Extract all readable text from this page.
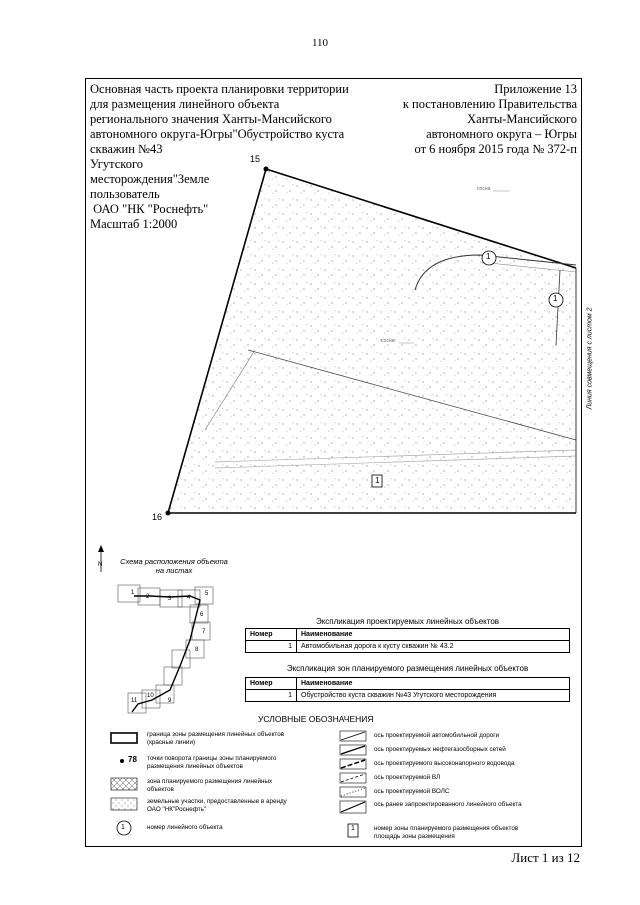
110
Основная часть проекта планировки территории
для размещения линейного объекта
регионального значения Ханты-Мансийского
автономного округа-Югры"Обустройство куста
скважин №43
Угутского
месторождения"Земле
пользователь
ОАО "НК "Роснефть"
Масштаб 1:2000
Приложение 13
к постановлению Правительства
Ханты-Мансийского
автономного округа – Югры
от 6 ноября 2015 года № 372-п
15
16
1
1
1
сосна
сосна	Линия совмещения с листом 2
N	Схема расположения объекта
на листах
1
2	3	4
5
6
7
8
9
10
11
Экспликация проектируемых линейных объектов
Номер	Наименование
1	Автомобильная дорога к кусту скважин № 43.2
Экспликация зон планируемого размещения линейных объектов
Номер	Наименование
1	Обустройство куста скважин №43 Угутского месторождения
УСЛОВНЫЕ ОБОЗНАЧЕНИЯ
граница зоны размещения линейных объектов (красные линии)
78 точки поворота границы зоны планируемого размещения линейных объектов
зона планируемого размещения линейных объектов
земельные участки, предоставленные в аренду ОАО "НК"Роснефть"
1	номер линейного объекта
ось проектируемой автомобильной дороги
ось проектируемых нефтегазосборных сетей
ось проектируемого высоконапорного водовода
ось проектируемой ВЛ
ось проектируемой ВОЛС
ось ранее запроектированного линейного объекта
1	номер зоны планируемого размещения объектов площадь зоны размещения
Лист 1 из 12
